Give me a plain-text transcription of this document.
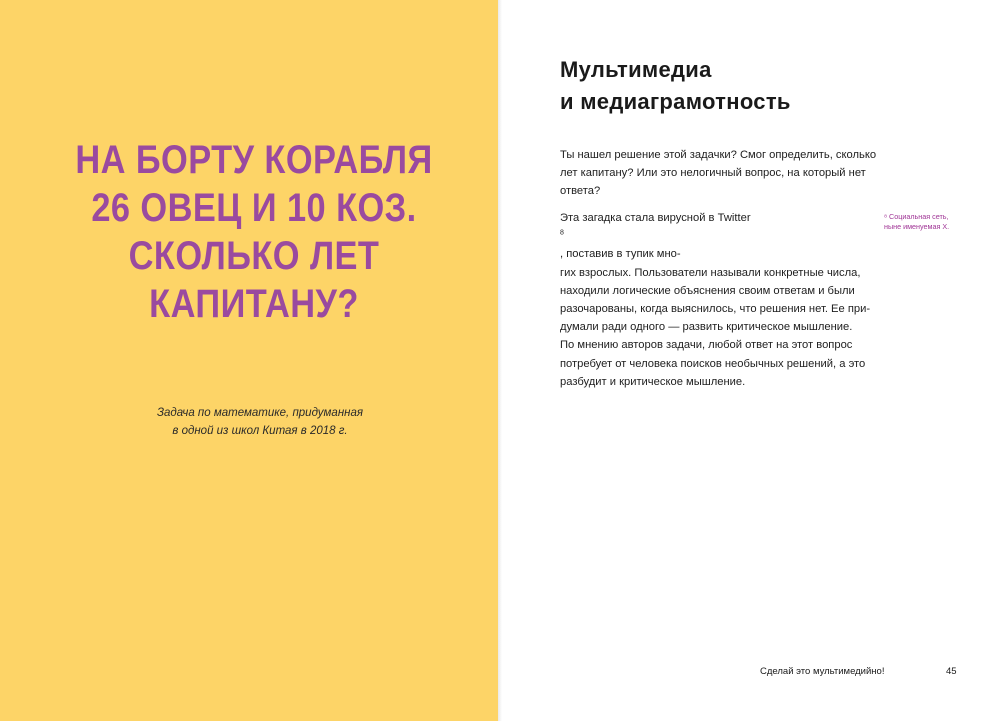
НА БОРТУ КОРАБЛЯ
26 ОВЕЦ И 10 КОЗ.
СКОЛЬКО ЛЕТ
КАПИТАНУ?
Задача по математике, придуманная
в одной из школ Китая в 2018 г.
Мультимедиа
и медиаграмотность
Ты нашел решение этой задачки? Смог определить, сколько
лет капитану? Или это нелогичный вопрос, на который нет
ответа?
Эта загадка стала вирусной в Twitter
$^8$
, поставив в тупик мно-
гих взрослых. Пользователи называли конкретные числа,
находили логические объяснения своим ответам и были
разочарованы, когда выяснилось, что решения нет. Ее при-
думали ради одного — развить критическое мышление.
По мнению авторов задачи, любой ответ на этот вопрос
потребует от человека поисков необычных решений, а это
разбудит и критическое мышление.
⁸ Социальная сеть,
ныне именуемая X.
Сделай это мультимедийно!	45
